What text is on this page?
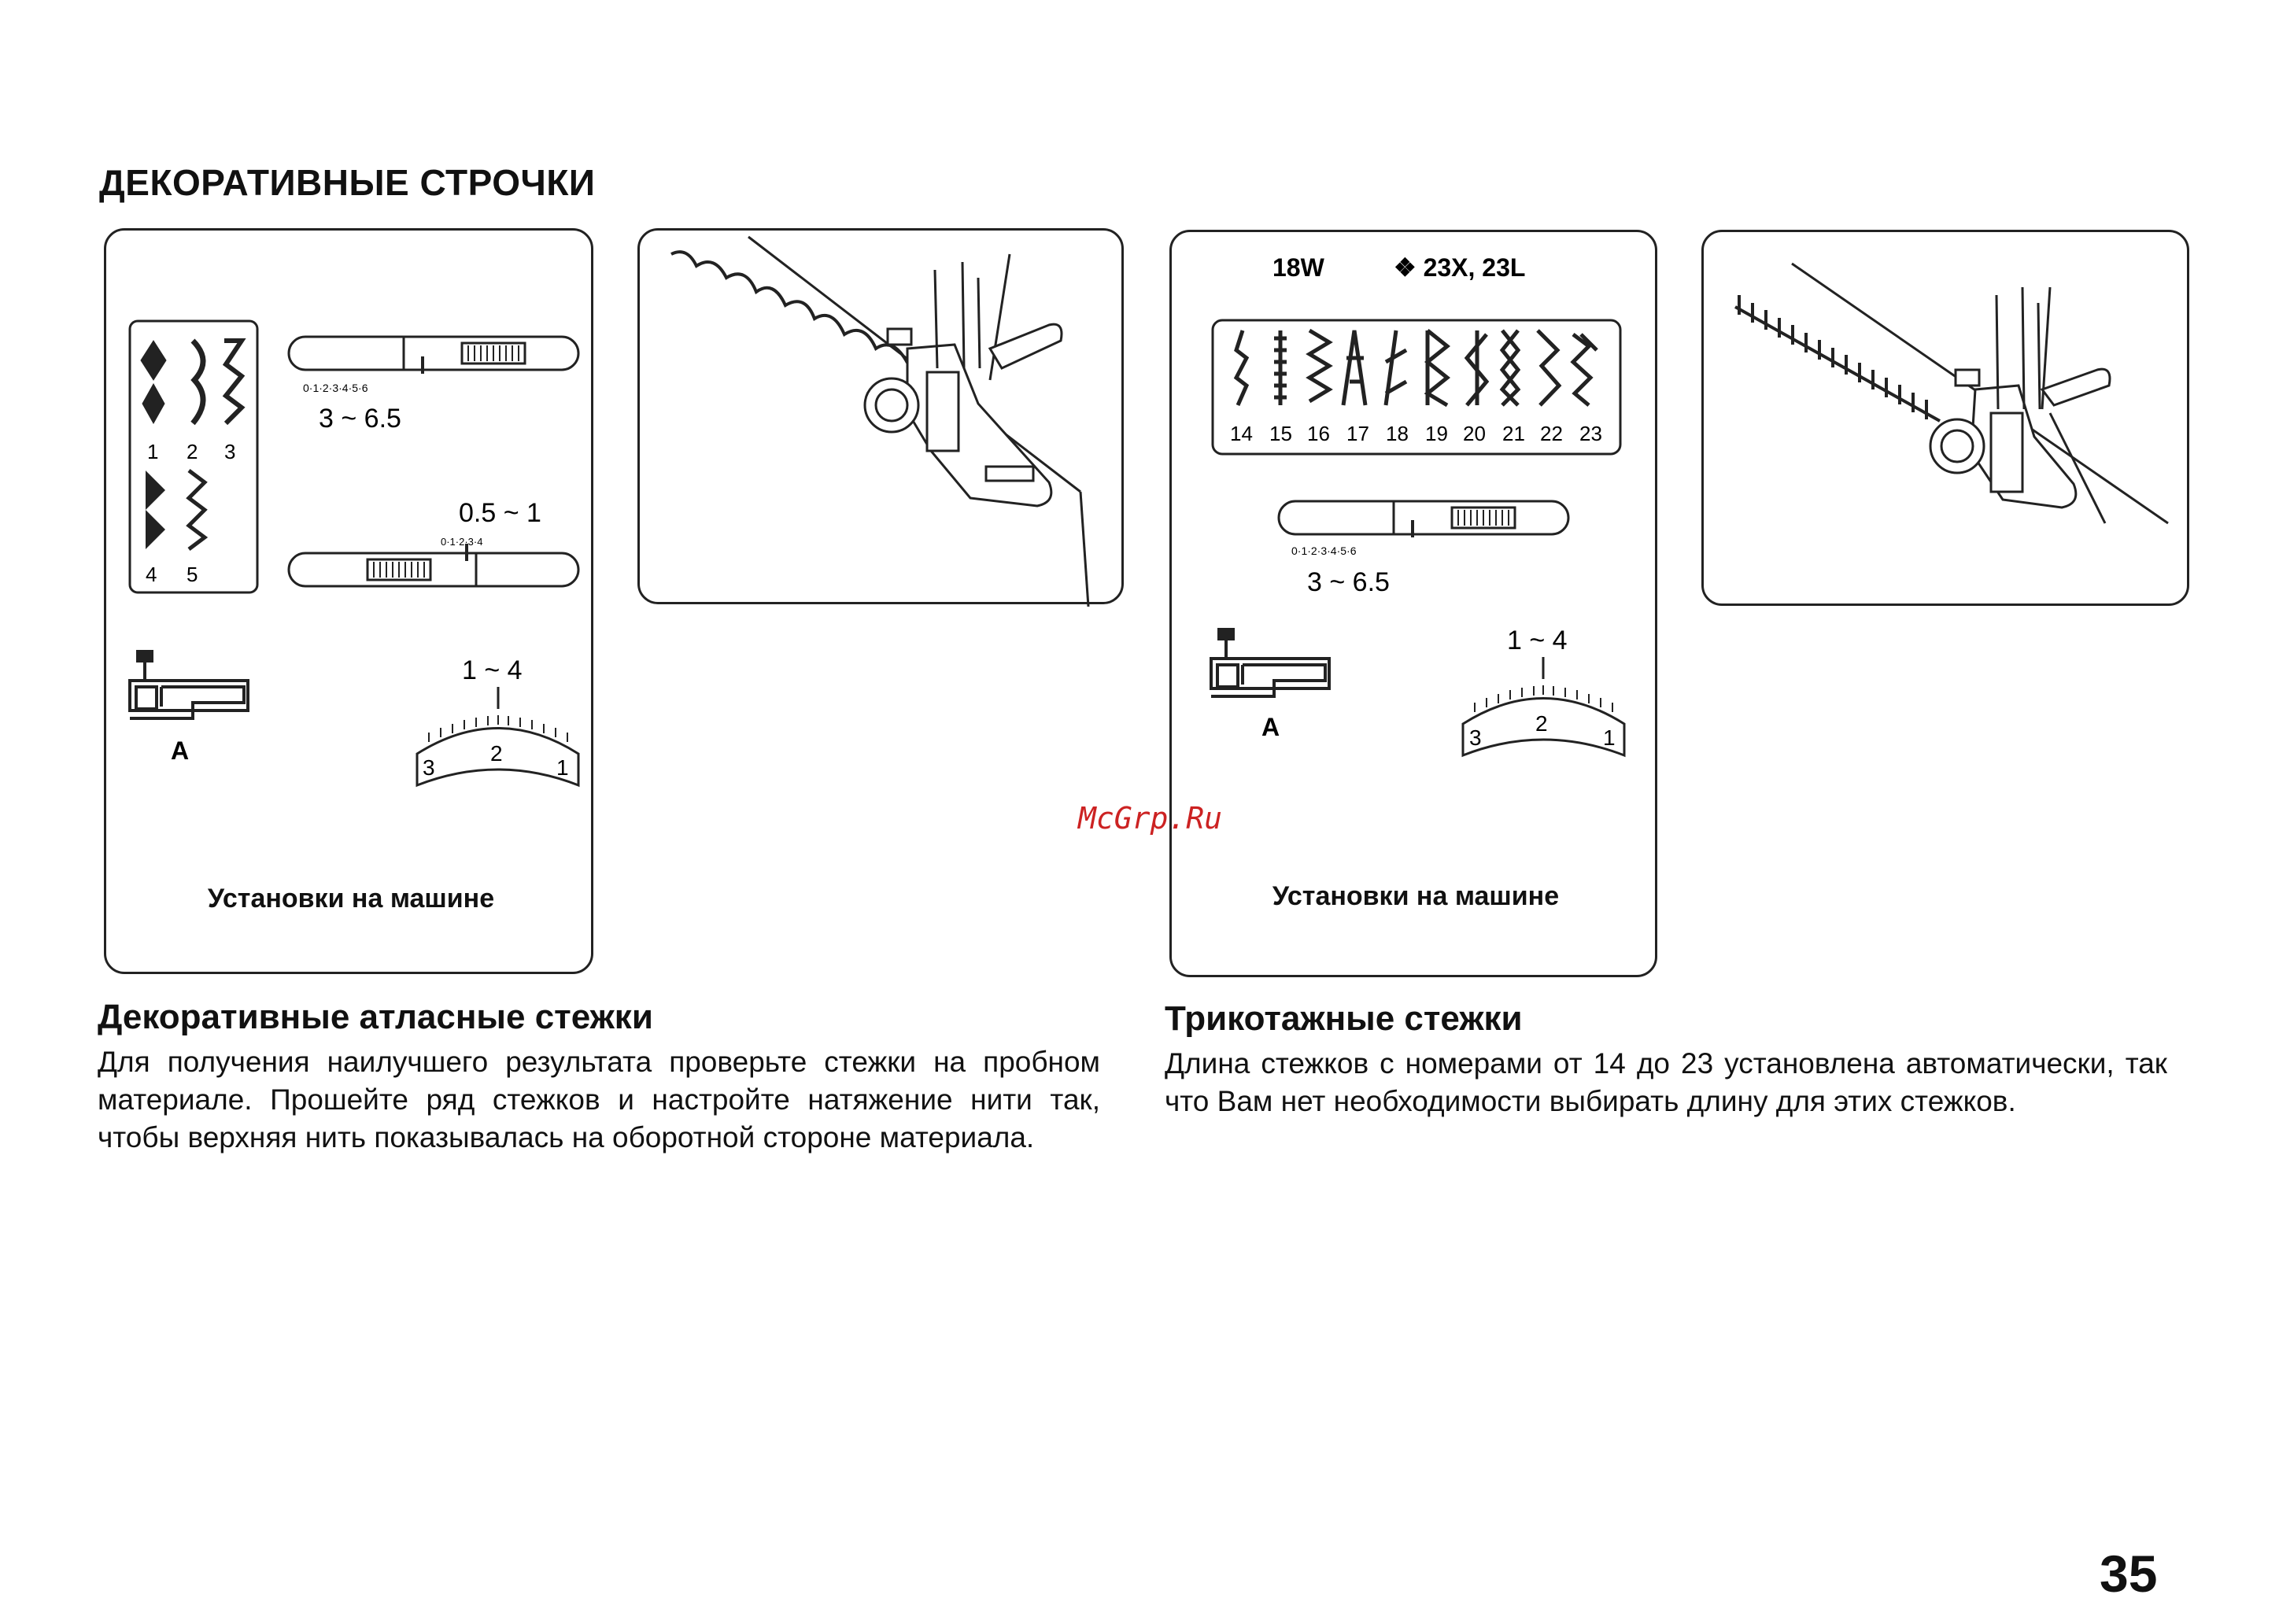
ДЕКОРАТИВНЫЕ СТРОЧКИ
1 2 3
4 5
0·1·2·3·4·5·6
3 ~ 6.5
0.5 ~ 1
0·1·2·3·4
A
1 ~ 4
3
2
1
Установки на машине
18W	❖ 23X, 23L
14 15 16 17 18 19 20 21 22 23
0·1·2·3·4·5·6
3 ~ 6.5
A
1 ~ 4
3
2
1
Установки на машине
Декоративные атласные стежки
Для получения наилучшего результата проверьте стежки на пробном материале. Прошейте ряд стежков и настройте натяжение нити так, чтобы верхняя нить показывалась на оборотной стороне материала.
Трикотажные стежки
Длина стежков с номерами от 14 до 23 установлена автоматически, так что Вам нет необходимости выбирать длину для этих стежков.
McGrp.Ru
35
